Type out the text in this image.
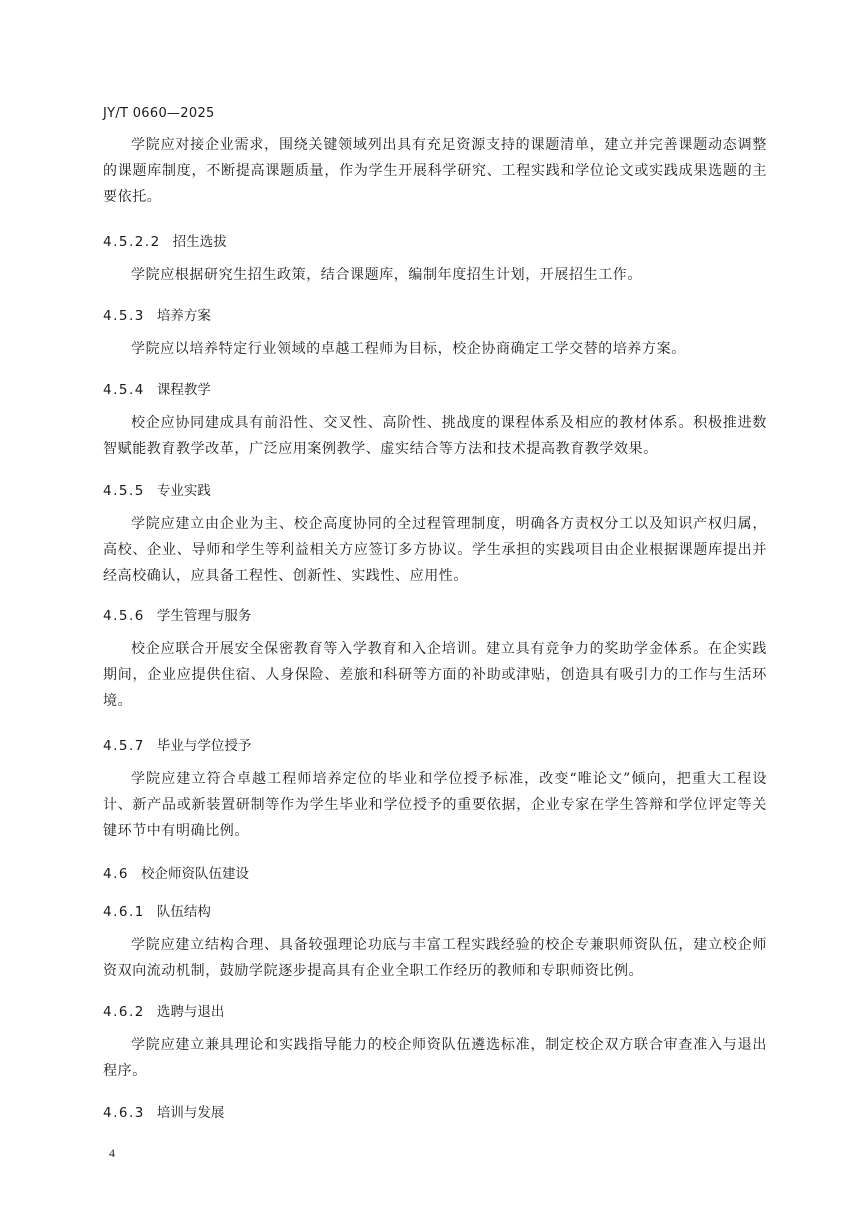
JY/T 0660—2025

学院应对接企业需求，围绕关键领域列出具有充足资源支持的课题清单，建立并完善课题动态调整的课题库制度，不断提高课题质量，作为学生开展科学研究、工程实践和学位论文或实践成果选题的主要依托。

4.5.2.2 招生选拔

学院应根据研究生招生政策，结合课题库，编制年度招生计划，开展招生工作。

4.5.3 培养方案

学院应以培养特定行业领域的卓越工程师为目标，校企协商确定工学交替的培养方案。

4.5.4 课程教学

校企应协同建成具有前沿性、交叉性、高阶性、挑战度的课程体系及相应的教材体系。积极推进数智赋能教育教学改革，广泛应用案例教学、虚实结合等方法和技术提高教育教学效果。

4.5.5 专业实践

学院应建立由企业为主、校企高度协同的全过程管理制度，明确各方责权分工以及知识产权归属，高校、企业、导师和学生等利益相关方应签订多方协议。学生承担的实践项目由企业根据课题库提出并经高校确认，应具备工程性、创新性、实践性、应用性。

4.5.6 学生管理与服务

校企应联合开展安全保密教育等入学教育和入企培训。建立具有竞争力的奖助学金体系。在企实践期间，企业应提供住宿、人身保险、差旅和科研等方面的补助或津贴，创造具有吸引力的工作与生活环境。

4.5.7 毕业与学位授予

学院应建立符合卓越工程师培养定位的毕业和学位授予标准，改变“唯论文”倾向，把重大工程设计、新产品或新装置研制等作为学生毕业和学位授予的重要依据，企业专家在学生答辩和学位评定等关键环节中有明确比例。

4.6 校企师资队伍建设

4.6.1 队伍结构

学院应建立结构合理、具备较强理论功底与丰富工程实践经验的校企专兼职师资队伍，建立校企师资双向流动机制，鼓励学院逐步提高具有企业全职工作经历的教师和专职师资比例。

4.6.2 选聘与退出

学院应建立兼具理论和实践指导能力的校企师资队伍遴选标准，制定校企双方联合审查准入与退出程序。

4.6.3 培训与发展

4
